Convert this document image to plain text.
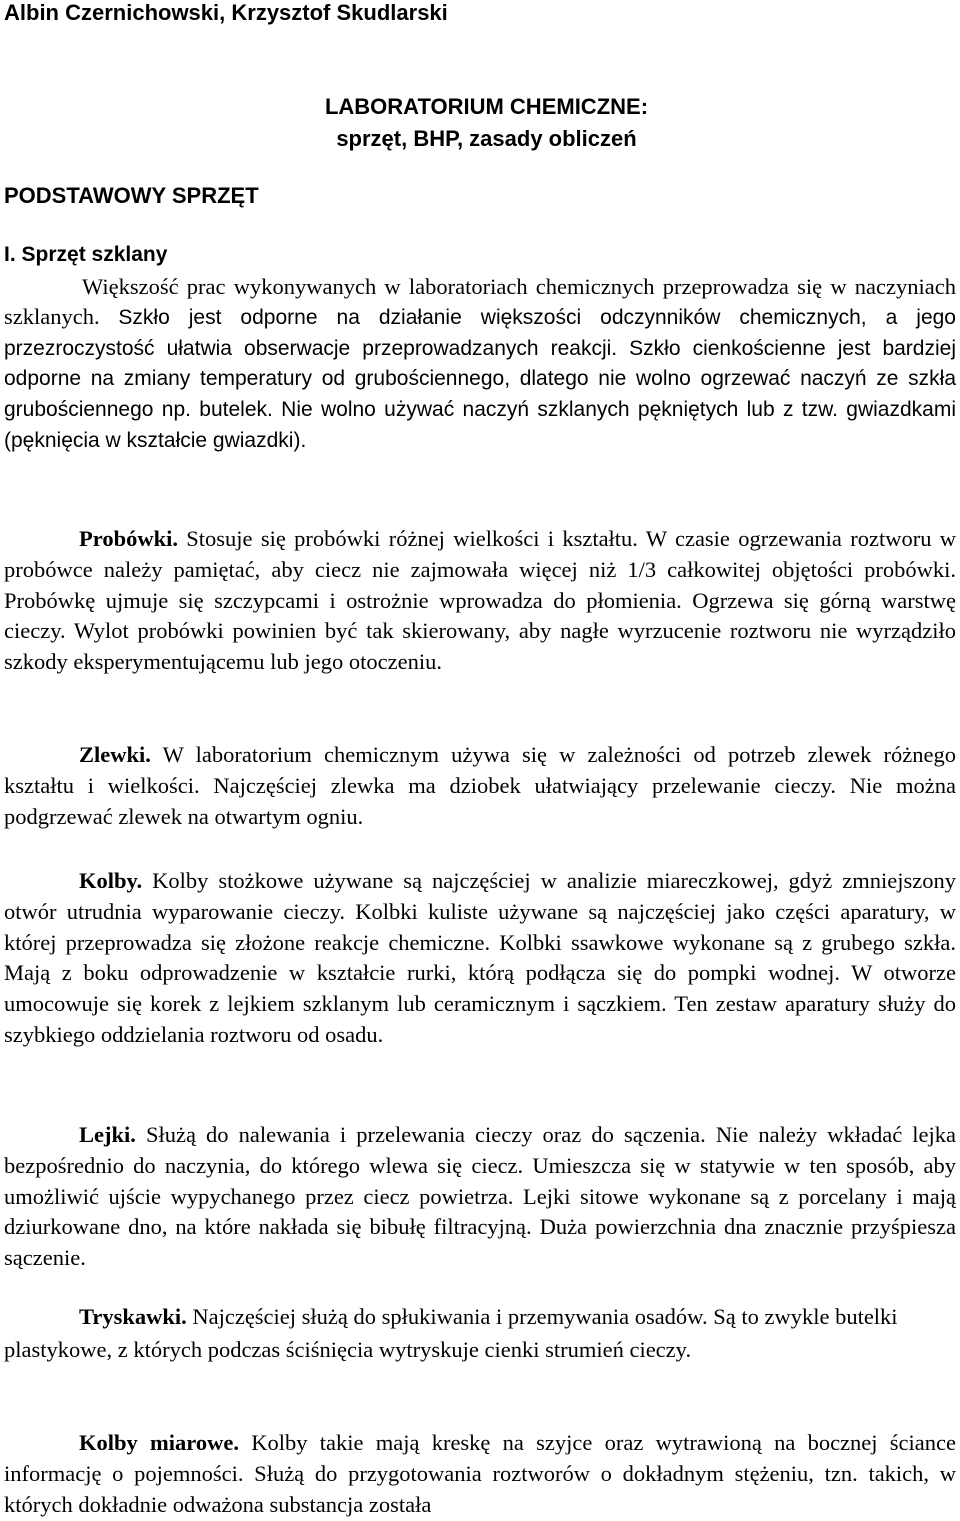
Albin Czernichowski, Krzysztof Skudlarski
LABORATORIUM CHEMICZNE:
sprzęt, BHP, zasady obliczeń
PODSTAWOWY SPRZĘT
I. Sprzęt szklany

Większość prac wykonywanych w laboratoriach chemicznych przeprowadza się w naczyniach szklanych. Szkło jest odporne na działanie większości odczynników chemicznych, a jego przezroczystość ułatwia obserwacje przeprowadzanych reakcji. Szkło cienkościenne jest bardziej odporne na zmiany temperatury od grubościennego, dlatego nie wolno ogrzewać naczyń ze szkła grubościennego np. butelek. Nie wolno używać naczyń szklanych pękniętych lub z tzw. gwiazdkami (pęknięcia w kształcie gwiazdki).

Probówki. Stosuje się probówki różnej wielkości i kształtu. W czasie ogrzewania roztworu w probówce należy pamiętać, aby ciecz nie zajmowała więcej niż 1/3 całkowitej objętości probówki. Probówkę ujmuje się szczypcami i ostrożnie wprowadza do płomienia. Ogrzewa się górną warstwę cieczy. Wylot probówki powinien być tak skierowany, aby nagłe wyrzucenie roztworu nie wyrządziło szkody eksperymentującemu lub jego otoczeniu.

Zlewki. W laboratorium chemicznym używa się w zależności od potrzeb zlewek różnego kształtu i wielkości. Najczęściej zlewka ma dziobek ułatwiający przelewanie cieczy. Nie można podgrzewać zlewek na otwartym ogniu.

Kolby. Kolby stożkowe używane są najczęściej w analizie miareczkowej, gdyż zmniejszony otwór utrudnia wyparowanie cieczy. Kolbki kuliste używane są najczęściej jako części aparatury, w której przeprowadza się złożone reakcje chemiczne. Kolbki ssawkowe wykonane są z grubego szkła. Mają z boku odprowadzenie w kształcie rurki, którą podłącza się do pompki wodnej. W otworze umocowuje się korek z lejkiem szklanym lub ceramicznym i sączkiem. Ten zestaw aparatury służy do szybkiego oddzielania roztworu od osadu.

Lejki. Służą do nalewania i przelewania cieczy oraz do sączenia. Nie należy wkładać lejka bezpośrednio do naczynia, do którego wlewa się ciecz. Umieszcza się w statywie w ten sposób, aby umożliwić ujście wypychanego przez ciecz powietrza. Lejki sitowe wykonane są z porcelany i mają dziurkowane dno, na które nakłada się bibułę filtracyjną. Duża powierzchnia dna znacznie przyśpiesza sączenie.

Tryskawki. Najczęściej służą do spłukiwania i przemywania osadów. Są to zwykle butelki plastykowe, z których podczas ściśnięcia wytryskuje cienki strumień cieczy.

Kolby miarowe. Kolby takie mają kreskę na szyjce oraz wytrawioną na bocznej ściance informację o pojemności. Służą do przygotowania roztworów o dokładnym stężeniu, tzn. takich, w których dokładnie odważona substancja została
